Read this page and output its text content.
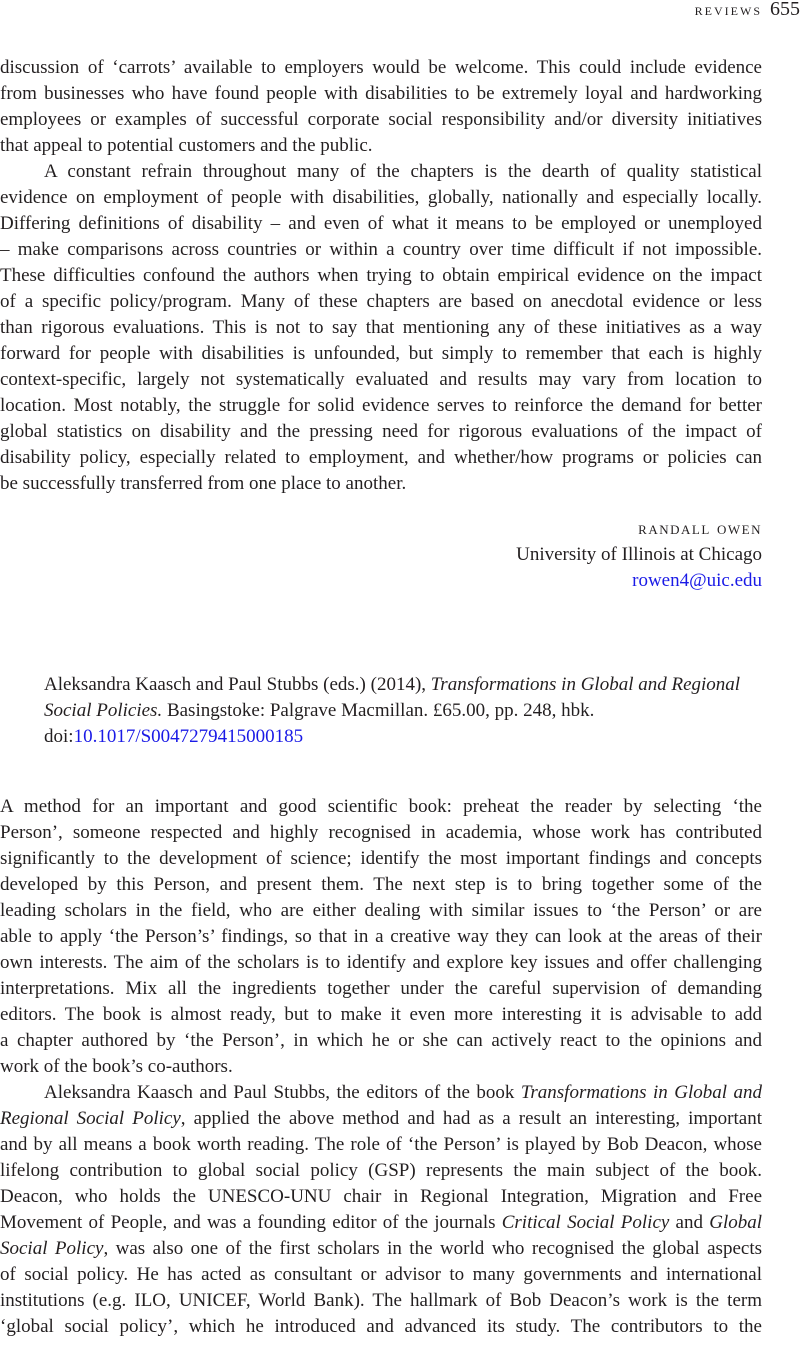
reviews 655
discussion of ‘carrots’ available to employers would be welcome. This could include evidence
from businesses who have found people with disabilities to be extremely loyal and hardworking
employees or examples of successful corporate social responsibility and/or diversity initiatives
that appeal to potential customers and the public.
A constant refrain throughout many of the chapters is the dearth of quality statistical
evidence on employment of people with disabilities, globally, nationally and especially locally.
Differing definitions of disability – and even of what it means to be employed or unemployed
– make comparisons across countries or within a country over time difficult if not impossible.
These difficulties confound the authors when trying to obtain empirical evidence on the impact
of a specific policy/program. Many of these chapters are based on anecdotal evidence or less
than rigorous evaluations. This is not to say that mentioning any of these initiatives as a way
forward for people with disabilities is unfounded, but simply to remember that each is highly
context-specific, largely not systematically evaluated and results may vary from location to
location. Most notably, the struggle for solid evidence serves to reinforce the demand for better
global statistics on disability and the pressing need for rigorous evaluations of the impact of
disability policy, especially related to employment, and whether/how programs or policies can
be successfully transferred from one place to another.
randall owen
University of Illinois at Chicago
rowen4@uic.edu
Aleksandra Kaasch and Paul Stubbs (eds.) (2014), Transformations in Global and Regional
Social Policies. Basingstoke: Palgrave Macmillan. £65.00, pp. 248, hbk.
doi:10.1017/S0047279415000185
A method for an important and good scientific book: preheat the reader by selecting ‘the
Person’, someone respected and highly recognised in academia, whose work has contributed
significantly to the development of science; identify the most important findings and concepts
developed by this Person, and present them. The next step is to bring together some of the
leading scholars in the field, who are either dealing with similar issues to ‘the Person’ or are
able to apply ‘the Person’s’ findings, so that in a creative way they can look at the areas of their
own interests. The aim of the scholars is to identify and explore key issues and offer challenging
interpretations. Mix all the ingredients together under the careful supervision of demanding
editors. The book is almost ready, but to make it even more interesting it is advisable to add
a chapter authored by ‘the Person’, in which he or she can actively react to the opinions and
work of the book’s co-authors.
Aleksandra Kaasch and Paul Stubbs, the editors of the book Transformations in Global and
Regional Social Policy, applied the above method and had as a result an interesting, important
and by all means a book worth reading. The role of ‘the Person’ is played by Bob Deacon, whose
lifelong contribution to global social policy (GSP) represents the main subject of the book.
Deacon, who holds the UNESCO-UNU chair in Regional Integration, Migration and Free
Movement of People, and was a founding editor of the journals Critical Social Policy and Global
Social Policy, was also one of the first scholars in the world who recognised the global aspects
of social policy. He has acted as consultant or advisor to many governments and international
institutions (e.g. ILO, UNICEF, World Bank). The hallmark of Bob Deacon’s work is the term
‘global social policy’, which he introduced and advanced its study. The contributors to the
